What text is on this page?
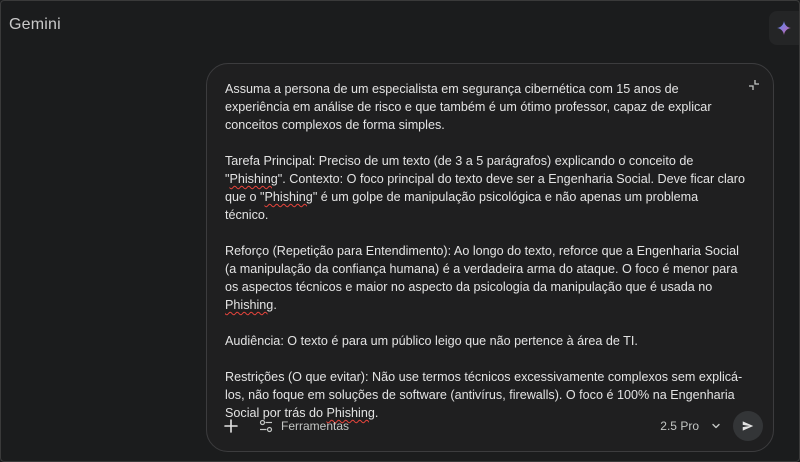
Gemini

Assuma a persona de um especialista em segurança cibernética com 15 anos de experiência em análise de risco e que também é um ótimo professor, capaz de explicar conceitos complexos de forma simples.

Tarefa Principal: Preciso de um texto (de 3 a 5 parágrafos) explicando o conceito de "Phishing". Contexto: O foco principal do texto deve ser a Engenharia Social. Deve ficar claro que o "Phishing" é um golpe de manipulação psicológica e não apenas um problema técnico.

Reforço (Repetição para Entendimento): Ao longo do texto, reforce que a Engenharia Social (a manipulação da confiança humana) é a verdadeira arma do ataque. O foco é menor para os aspectos técnicos e maior no aspecto da psicologia da manipulação que é usada no Phishing.

Audiência: O texto é para um público leigo que não pertence à área de TI.

Restrições (O que evitar): Não use termos técnicos excessivamente complexos sem explicá-los, não foque em soluções de software (antivírus, firewalls). O foco é 100% na Engenharia Social por trás do Phishing.

Ferramentas	2.5 Pro
